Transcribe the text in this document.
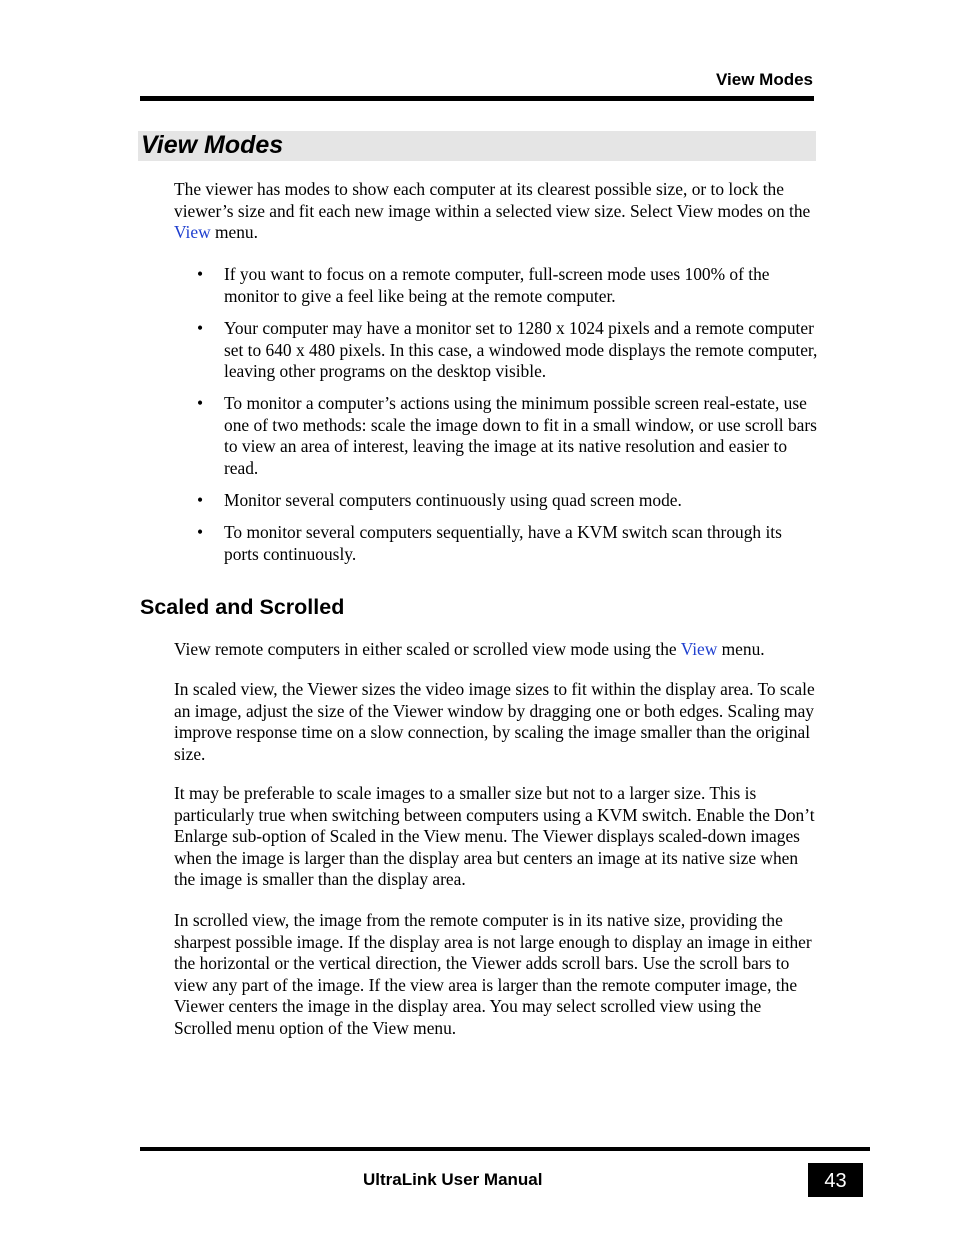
View Modes
View Modes

The viewer has modes to show each computer at its clearest possible size, or to lock the viewer’s size and fit each new image within a selected view size. Select View modes on the View menu.

• If you want to focus on a remote computer, full-screen mode uses 100% of the monitor to give a feel like being at the remote computer.
• Your computer may have a monitor set to 1280 x 1024 pixels and a remote computer set to 640 x 480 pixels. In this case, a windowed mode displays the remote computer, leaving other programs on the desktop visible.
• To monitor a computer’s actions using the minimum possible screen real-estate, use one of two methods: scale the image down to fit in a small window, or use scroll bars to view an area of interest, leaving the image at its native resolution and easier to read.
• Monitor several computers continuously using quad screen mode.
• To monitor several computers sequentially, have a KVM switch scan through its ports continuously.
Scaled and Scrolled

View remote computers in either scaled or scrolled view mode using the View menu.

In scaled view, the Viewer sizes the video image sizes to fit within the display area. To scale an image, adjust the size of the Viewer window by dragging one or both edges. Scaling may improve response time on a slow connection, by scaling the image smaller than the original size.

It may be preferable to scale images to a smaller size but not to a larger size. This is particularly true when switching between computers using a KVM switch. Enable the Don’t Enlarge sub-option of Scaled in the View menu. The Viewer displays scaled-down images when the image is larger than the display area but centers an image at its native size when the image is smaller than the display area.

In scrolled view, the image from the remote computer is in its native size, providing the sharpest possible image. If the display area is not large enough to display an image in either the horizontal or the vertical direction, the Viewer adds scroll bars. Use the scroll bars to view any part of the image. If the view area is larger than the remote computer image, the Viewer centers the image in the display area. You may select scrolled view using the Scrolled menu option of the View menu.

UltraLink User Manual	43
